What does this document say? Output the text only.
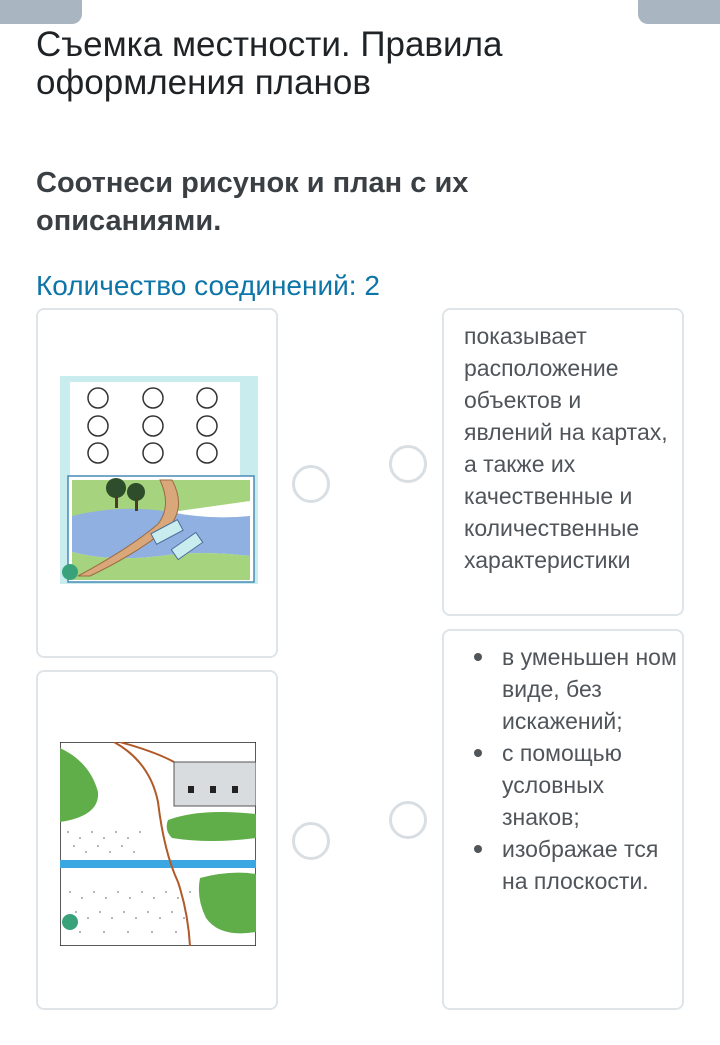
Съемка местности. Правила оформления планов
Соотнеси рисунок и план с их описаниями.
Количество соединений: 2
показывает расположение объектов и явлений на картах, а также их качественные и количественные характеристики
в уменьшен ном виде, без искажений;
с помощью условных знаков;
изображае тся на плоскости.
